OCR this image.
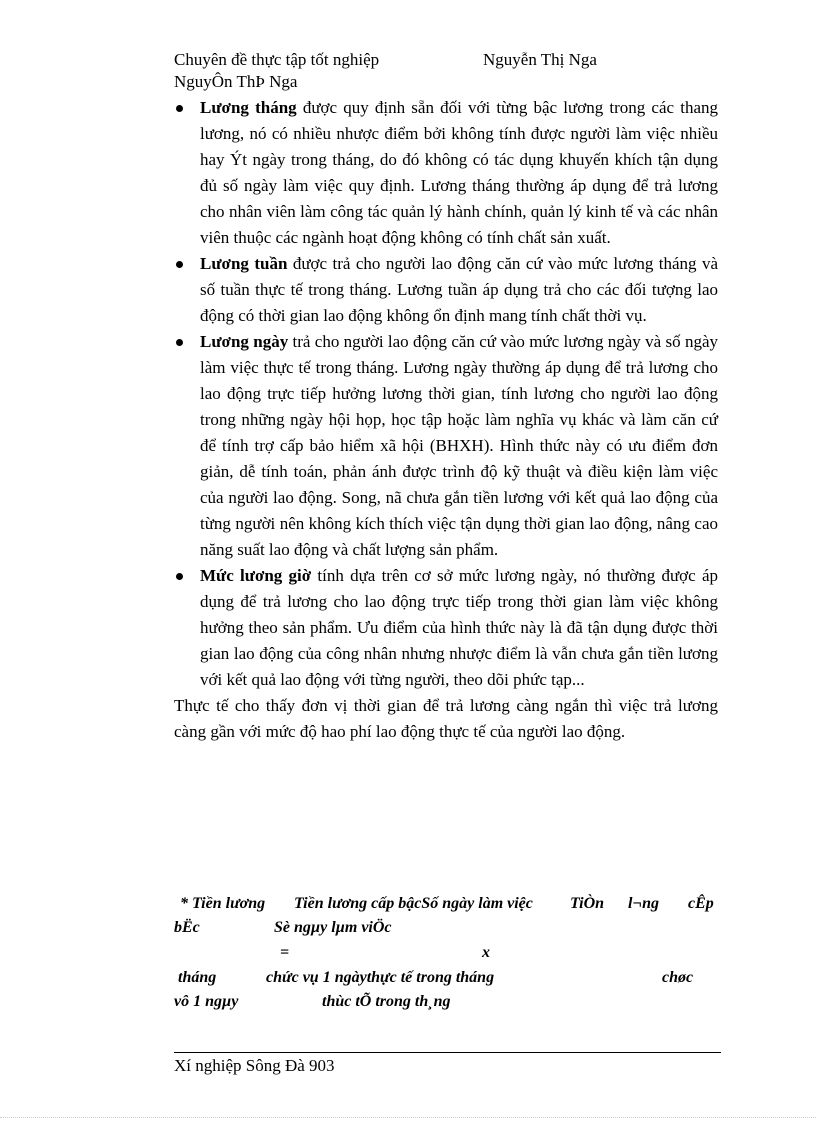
Chuyên đề thực tập tốt nghiệp	Nguyễn Thị Nga
NguyÔn ThÞ Nga
Lương tháng được quy định sẵn đối với từng bậc lương trong các thang lương, nó có nhiều nhược điểm bởi không tính được người làm việc nhiều hay Ýt ngày trong tháng, do đó không có tác dụng khuyến khích tận dụng đủ số ngày làm việc quy định. Lương tháng thường áp dụng để trả lương cho nhân viên làm công tác quản lý hành chính, quản lý kinh tế và các nhân viên thuộc các ngành hoạt động không có tính chất sản xuất.
Lương tuần được trả cho người lao động căn cứ vào mức lương tháng và số tuần thực tế trong tháng. Lương tuần áp dụng trả cho các đối tượng lao động có thời gian lao động không ổn định mang tính chất thời vụ.
Lương ngày trả cho người lao động căn cứ vào mức lương ngày và số ngày làm việc thực tế trong tháng. Lương ngày thường áp dụng để trả lương cho lao động trực tiếp hưởng lương thời gian, tính lương cho người lao động trong những ngày hội họp, học tập hoặc làm nghĩa vụ khác và làm căn cứ để tính trợ cấp bảo hiểm xã hội (BHXH). Hình thức này có ưu điểm đơn giản, dễ tính toán, phản ánh được trình độ kỹ thuật và điều kiện làm việc của người lao động. Song, nã chưa gắn tiền lương với kết quả lao động của từng người nên không kích thích việc tận dụng thời gian lao động, nâng cao năng suất lao động và chất lượng sản phẩm.
Mức lương giờ tính dựa trên cơ sở mức lương ngày, nó thường được áp dụng để trả lương cho lao động trực tiếp trong thời gian làm việc không hưởng theo sản phẩm. Ưu điểm của hình thức này là đã tận dụng được thời gian lao động của công nhân nhưng nhược điểm là vẫn chưa gắn tiền lương với kết quả lao động với từng người, theo dõi phức tạp...

Thực tế cho thấy đơn vị thời gian để trả lương càng ngắn thì việc trả lương càng gần với mức độ hao phí lao động thực tế của người lao động.

* Tiền lương Tiền lương cấp bậcSố ngày làm việc TiÒn l¬ng cÊp
bËc	Sè ngµy lµm viÖc
=	x
tháng	chức vụ 1 ngàythực tế trong tháng	chøc
vô 1 ngµy	thùc tÕ trong th¸ng
Xí nghiệp Sông Đà 903
